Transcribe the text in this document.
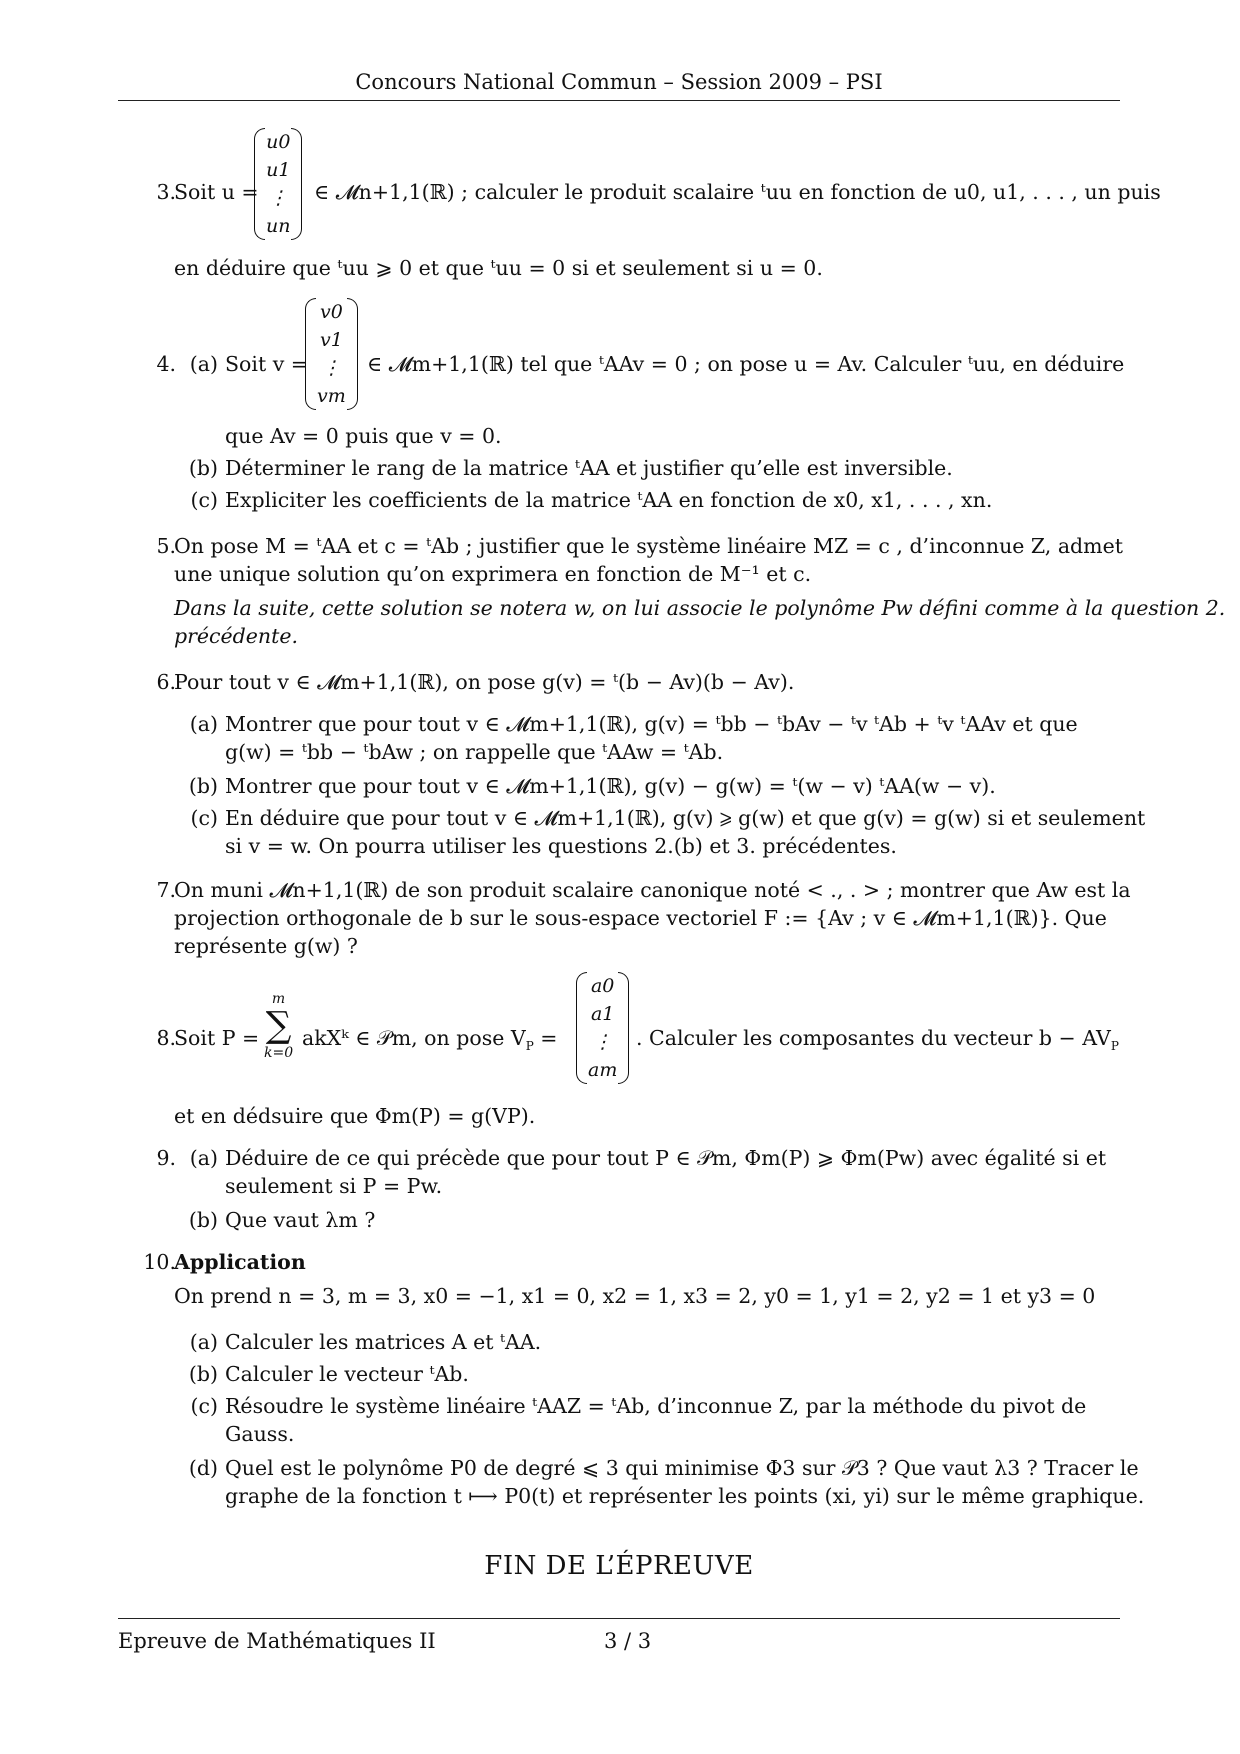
Concours National Commun – Session 2009 – PSI
3.
Soit u =
u0
u1
⋮
un
∈ 𝓜n+1,1(ℝ) ; calculer le produit scalaire ᵗuu en fonction de u0, u1, . . . , un puis
en déduire que ᵗuu ⩾ 0 et que ᵗuu = 0 si et seulement si u = 0.
4. (a) Soit v =
v0
v1
⋮
vm
∈ 𝓜m+1,1(ℝ) tel que ᵗAAv = 0 ; on pose u = Av. Calculer ᵗuu, en déduire
que Av = 0 puis que v = 0.
(b) Déterminer le rang de la matrice ᵗAA et justifier qu’elle est inversible.
(c) Expliciter les coefficients de la matrice ᵗAA en fonction de x0, x1, . . . , xn.
5.
On pose M = ᵗAA et c = ᵗAb ; justifier que le système linéaire MZ = c , d’inconnue Z, admet
une unique solution qu’on exprimera en fonction de M⁻¹ et c.
Dans la suite, cette solution se notera w, on lui associe le polynôme Pw défini comme à la question 2.
précédente.
6.
Pour tout v ∈ 𝓜m+1,1(ℝ), on pose g(v) = ᵗ(b − Av)(b − Av).
(a) Montrer que pour tout v ∈ 𝓜m+1,1(ℝ), g(v) = ᵗbb − ᵗbAv − ᵗv ᵗAb + ᵗv ᵗAAv et que
g(w) = ᵗbb − ᵗbAw ; on rappelle que ᵗAAw = ᵗAb.
(b) Montrer que pour tout v ∈ 𝓜m+1,1(ℝ), g(v) − g(w) = ᵗ(w − v) ᵗAA(w − v).
(c) En déduire que pour tout v ∈ 𝓜m+1,1(ℝ), g(v) ⩾ g(w) et que g(v) = g(w) si et seulement
si v = w. On pourra utiliser les questions 2.(b) et 3. précédentes.
7.
On muni 𝓜n+1,1(ℝ) de son produit scalaire canonique noté < ., . > ; montrer que Aw est la
projection orthogonale de b sur le sous-espace vectoriel F := {Av ; v ∈ 𝓜m+1,1(ℝ)}. Que
représente g(w) ?
8.
Soit P =
m
∑
k=0
akXᵏ ∈ 𝒫m, on pose $V_P$ =
a0
a1
⋮
am
. Calculer les composantes du vecteur $b - AV_P$
et en dédsuire que Φm(P) = g(VP).
9. (a) Déduire de ce qui précède que pour tout P ∈ 𝒫m, Φm(P) ⩾ Φm(Pw) avec égalité si et
seulement si P = Pw.
(b) Que vaut λm ?
10.
Application
On prend n = 3, m = 3, x0 = −1, x1 = 0, x2 = 1, x3 = 2, y0 = 1, y1 = 2, y2 = 1 et y3 = 0
(a) Calculer les matrices A et ᵗAA.
(b) Calculer le vecteur ᵗAb.
(c) Résoudre le système linéaire ᵗAAZ = ᵗAb, d’inconnue Z, par la méthode du pivot de
Gauss.
(d) Quel est le polynôme P0 de degré ⩽ 3 qui minimise Φ3 sur 𝒫3 ? Que vaut λ3 ? Tracer le
graphe de la fonction t ⟼ P0(t) et représenter les points (xi, yi) sur le même graphique.
FIN DE L’ÉPREUVE
Epreuve de Mathématiques II	3 / 3
